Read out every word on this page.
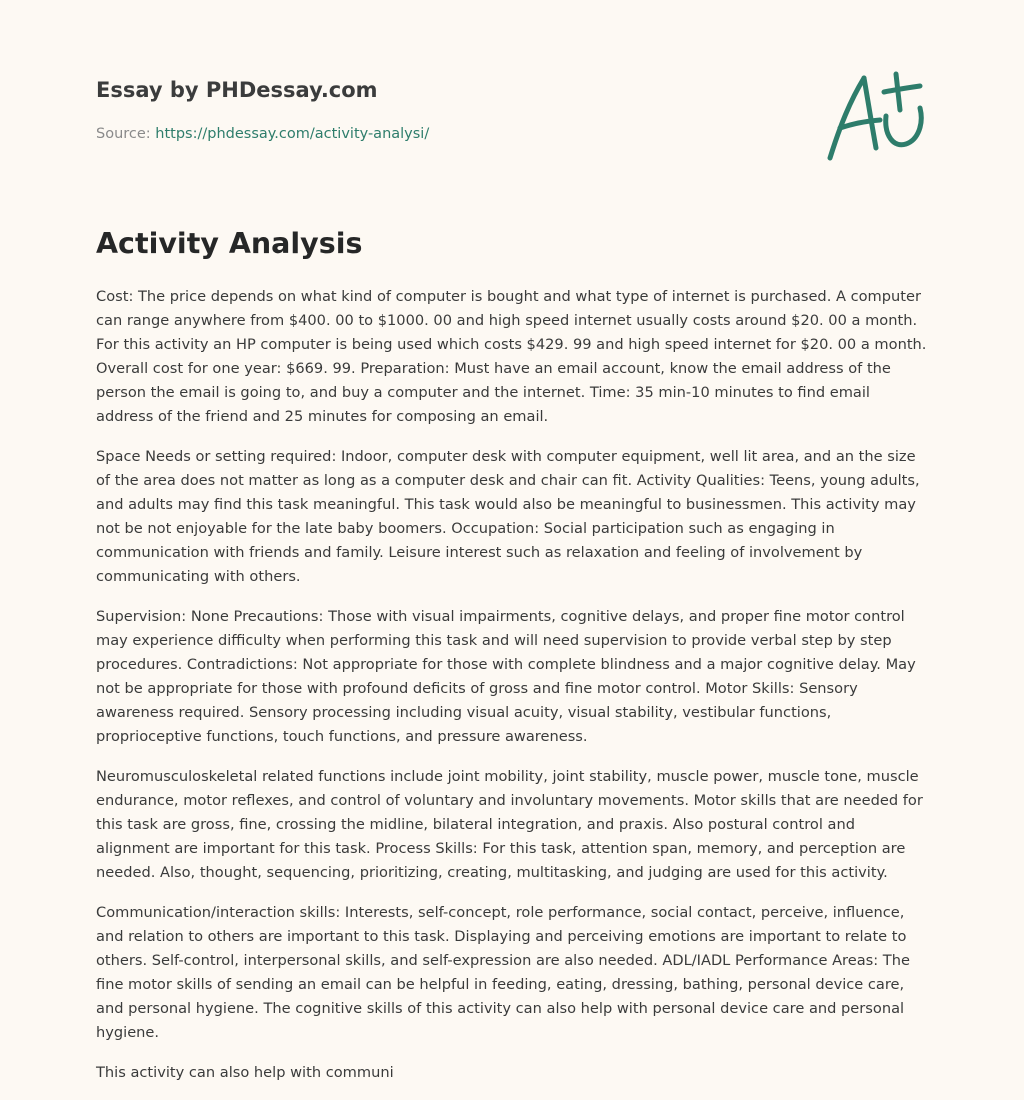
Essay by PHDessay.com
Source: https://phdessay.com/activity-analysi/
Activity Analysis

Cost: The price depends on what kind of computer is bought and what type of internet is purchased. A computer can range anywhere from $400. 00 to $1000. 00 and high speed internet usually costs around $20. 00 a month. For this activity an HP computer is being used which costs $429. 99 and high speed internet for $20. 00 a month. Overall cost for one year: $669. 99. Preparation: Must have an email account, know the email address of the person the email is going to, and buy a computer and the internet. Time: 35 min-10 minutes to find email address of the friend and 25 minutes for composing an email.

Space Needs or setting required: Indoor, computer desk with computer equipment, well lit area, and an the size of the area does not matter as long as a computer desk and chair can fit. Activity Qualities: Teens, young adults, and adults may find this task meaningful. This task would also be meaningful to businessmen. This activity may not be not enjoyable for the late baby boomers. Occupation: Social participation such as engaging in communication with friends and family. Leisure interest such as relaxation and feeling of involvement by communicating with others.

Supervision: None Precautions: Those with visual impairments, cognitive delays, and proper fine motor control may experience difficulty when performing this task and will need supervision to provide verbal step by step procedures. Contradictions: Not appropriate for those with complete blindness and a major cognitive delay. May not be appropriate for those with profound deficits of gross and fine motor control. Motor Skills: Sensory awareness required. Sensory processing including visual acuity, visual stability, vestibular functions, proprioceptive functions, touch functions, and pressure awareness.

Neuromusculoskeletal related functions include joint mobility, joint stability, muscle power, muscle tone, muscle endurance, motor reflexes, and control of voluntary and involuntary movements. Motor skills that are needed for this task are gross, fine, crossing the midline, bilateral integration, and praxis. Also postural control and alignment are important for this task. Process Skills: For this task, attention span, memory, and perception are needed. Also, thought, sequencing, prioritizing, creating, multitasking, and judging are used for this activity.

Communication/interaction skills: Interests, self-concept, role performance, social contact, perceive, influence, and relation to others are important to this task. Displaying and perceiving emotions are important to relate to others. Self-control, interpersonal skills, and self-expression are also needed. ADL/IADL Performance Areas: The fine motor skills of sending an email can be helpful in feeding, eating, dressing, bathing, personal device care, and personal hygiene. The cognitive skills of this activity can also help with personal device care and personal hygiene.

This activity can also help with communi
